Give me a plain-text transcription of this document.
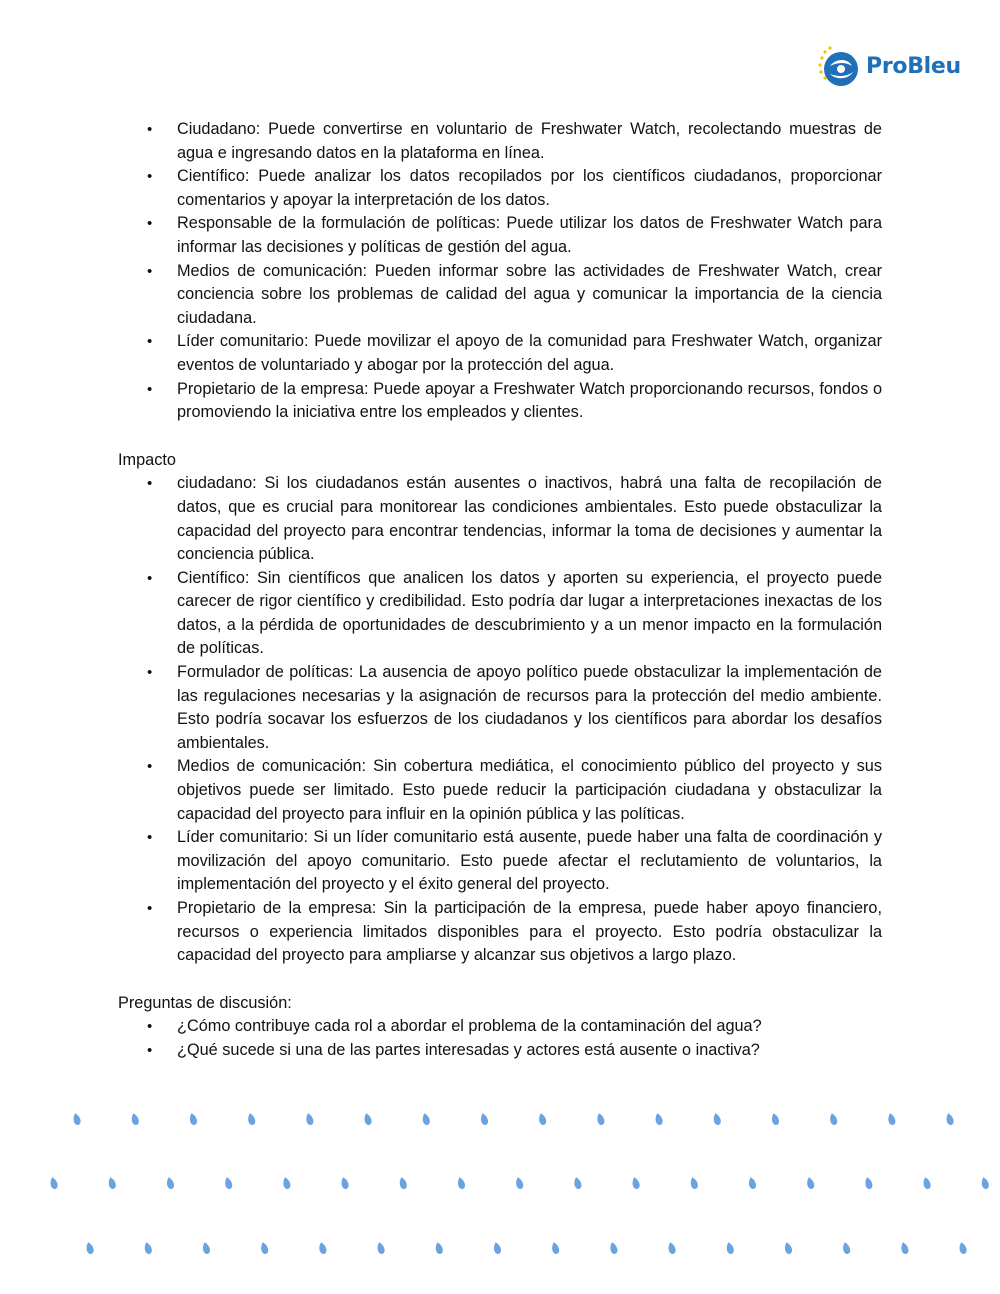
ProBleu
• Ciudadano: Puede convertirse en voluntario de Freshwater Watch, recolectando muestras de agua e ingresando datos en la plataforma en línea.
• Científico: Puede analizar los datos recopilados por los científicos ciudadanos, proporcionar comentarios y apoyar la interpretación de los datos.
• Responsable de la formulación de políticas: Puede utilizar los datos de Freshwater Watch para informar las decisiones y políticas de gestión del agua.
• Medios de comunicación: Pueden informar sobre las actividades de Freshwater Watch, crear conciencia sobre los problemas de calidad del agua y comunicar la importancia de la ciencia ciudadana.
• Líder comunitario: Puede movilizar el apoyo de la comunidad para Freshwater Watch, organizar eventos de voluntariado y abogar por la protección del agua.
• Propietario de la empresa: Puede apoyar a Freshwater Watch proporcionando recursos, fondos o promoviendo la iniciativa entre los empleados y clientes.
Impacto
• ciudadano: Si los ciudadanos están ausentes o inactivos, habrá una falta de recopilación de datos, que es crucial para monitorear las condiciones ambientales. Esto puede obstaculizar la capacidad del proyecto para encontrar tendencias, informar la toma de decisiones y aumentar la conciencia pública.
• Científico: Sin científicos que analicen los datos y aporten su experiencia, el proyecto puede carecer de rigor científico y credibilidad. Esto podría dar lugar a interpretaciones inexactas de los datos, a la pérdida de oportunidades de descubrimiento y a un menor impacto en la formulación de políticas.
• Formulador de políticas: La ausencia de apoyo político puede obstaculizar la implementación de las regulaciones necesarias y la asignación de recursos para la protección del medio ambiente. Esto podría socavar los esfuerzos de los ciudadanos y los científicos para abordar los desafíos ambientales.
• Medios de comunicación: Sin cobertura mediática, el conocimiento público del proyecto y sus objetivos puede ser limitado. Esto puede reducir la participación ciudadana y obstaculizar la capacidad del proyecto para influir en la opinión pública y las políticas.
• Líder comunitario: Si un líder comunitario está ausente, puede haber una falta de coordinación y movilización del apoyo comunitario. Esto puede afectar el reclutamiento de voluntarios, la implementación del proyecto y el éxito general del proyecto.
• Propietario de la empresa: Sin la participación de la empresa, puede haber apoyo financiero, recursos o experiencia limitados disponibles para el proyecto. Esto podría obstaculizar la capacidad del proyecto para ampliarse y alcanzar sus objetivos a largo plazo.
Preguntas de discusión:
• ¿Cómo contribuye cada rol a abordar el problema de la contaminación del agua?
• ¿Qué sucede si una de las partes interesadas y actores está ausente o inactiva?
